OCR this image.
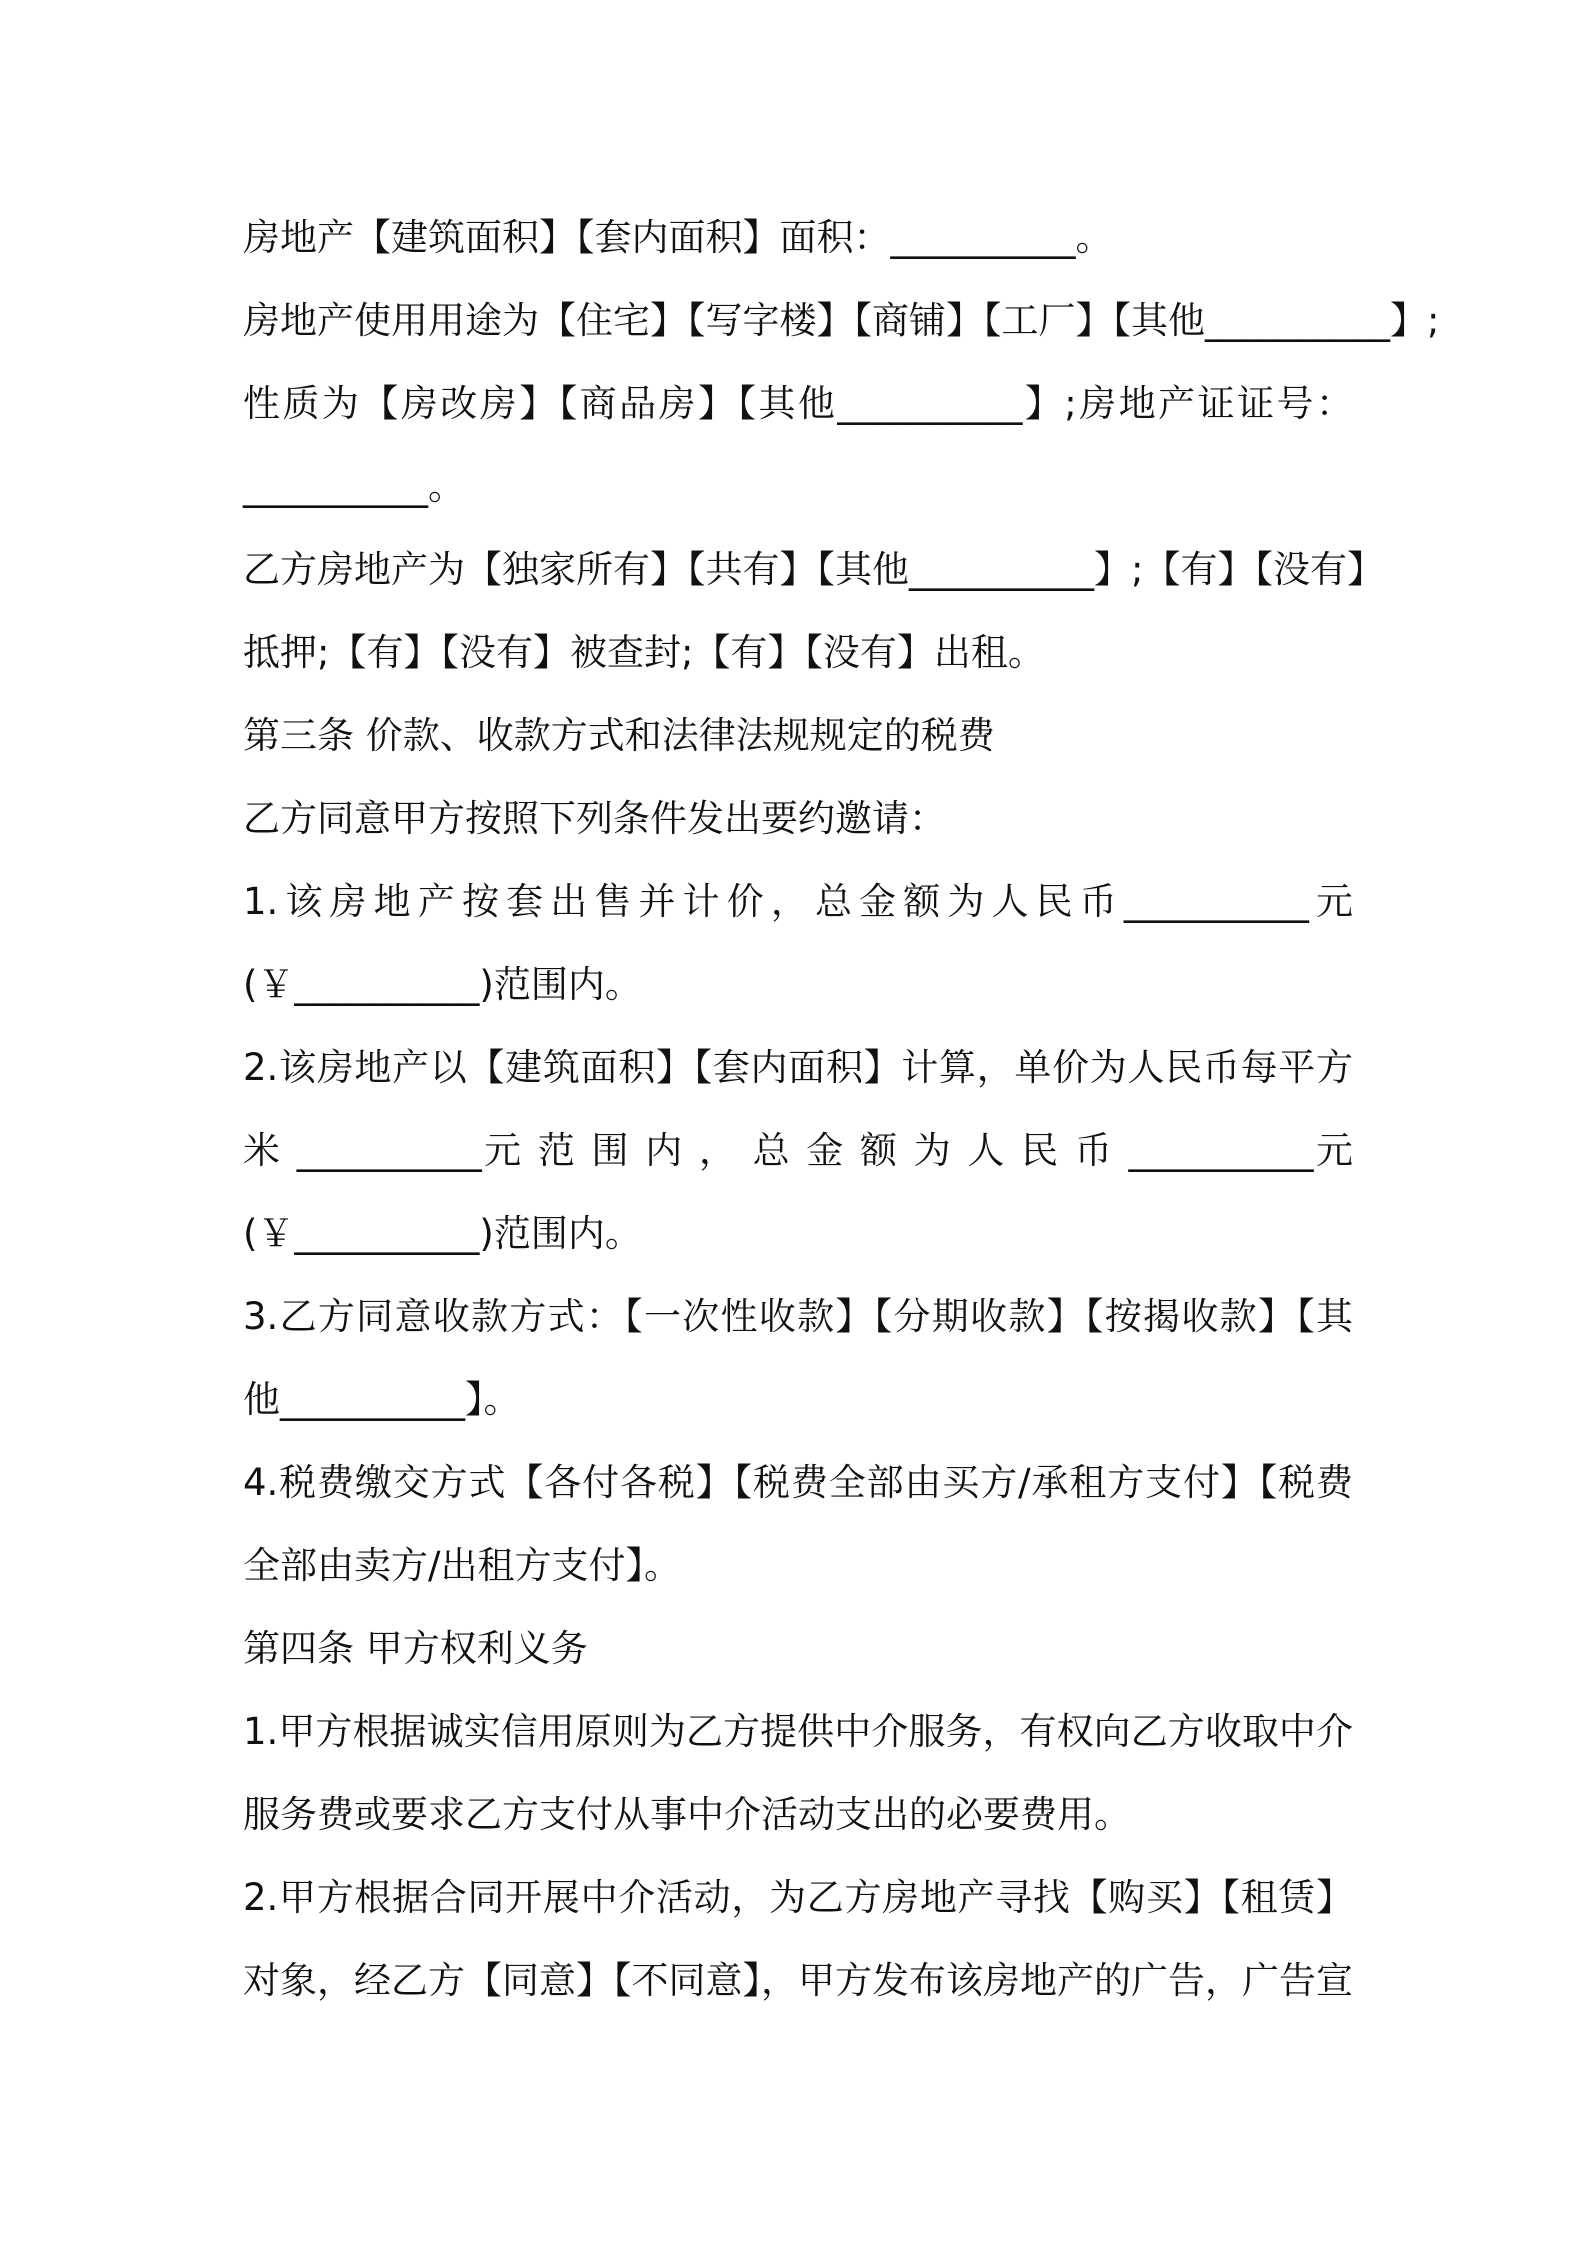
房地产【建筑面积】【套内面积】面积：__________。
房地产使用用途为【住宅】【写字楼】【商铺】【工厂】【其他__________】;
性质为【房改房】【商品房】【其他__________】;房地产证证号：
__________。
乙方房地产为【独家所有】【共有】【其他__________】;【有】【没有】
抵押;【有】【没有】被查封;【有】【没有】出租。
第三条 价款、收款方式和法律法规规定的税费
乙方同意甲方按照下列条件发出要约邀请：
1.该房地产按套出售并计价，总金额为人民币__________元
(￥__________)范围内。
2.该房地产以【建筑面积】【套内面积】计算，单价为人民币每平方
米 __________元 范 围 内 ， 总 金 额 为 人 民 币 __________元
(￥__________)范围内。
3.乙方同意收款方式：【一次性收款】【分期收款】【按揭收款】【其
他__________】。
4.税费缴交方式【各付各税】【税费全部由买方/承租方支付】【税费
全部由卖方/出租方支付】。
第四条 甲方权利义务
1.甲方根据诚实信用原则为乙方提供中介服务，有权向乙方收取中介
服务费或要求乙方支付从事中介活动支出的必要费用。
2.甲方根据合同开展中介活动，为乙方房地产寻找【购买】【租赁】
对象，经乙方【同意】【不同意】，甲方发布该房地产的广告，广告宣
